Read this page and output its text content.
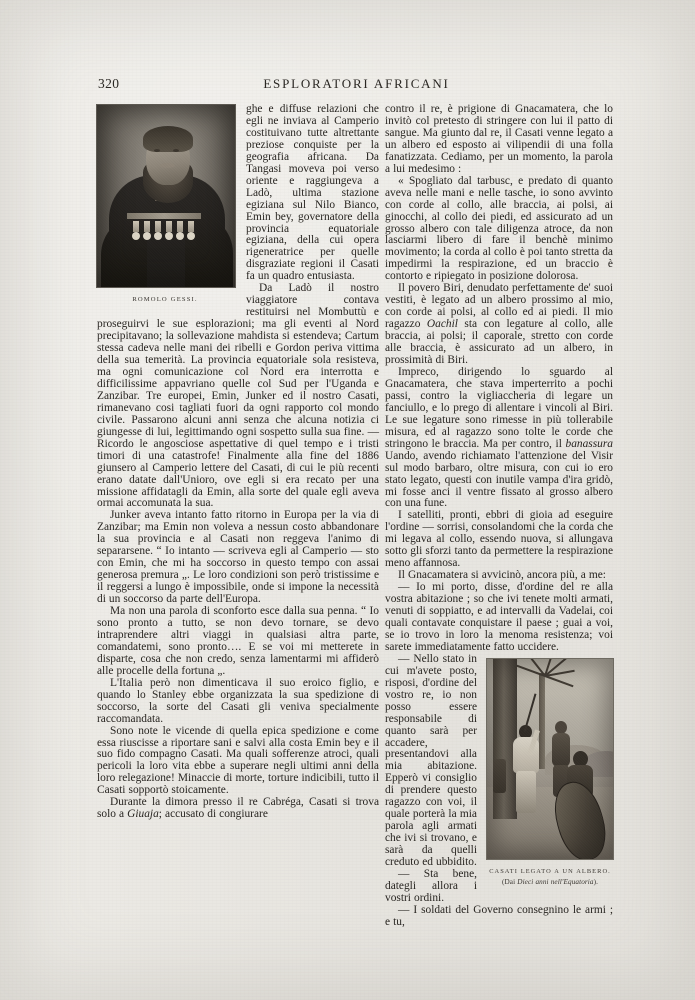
320	ESPLORATORI AFRICANI
ROMOLO GESSI.

ghe e diffuse relazioni che egli ne inviava al Camperio costituivano tutte altrettante preziose conquiste per la geografia africana. Da Tangasi moveva poi verso oriente e raggiungeva a Ladò, ultima stazione egiziana sul Nilo Bianco, Emin bey, governatore della provincia equatoriale egiziana, della cui opera rigeneratrice per quelle disgraziate regioni il Casati fa un quadro entusiasta.

Da Ladò il nostro viaggiatore contava restituirsi nel Mombuttù e proseguirvi le sue esplorazioni; ma gli eventi al Nord precipitavano; la sollevazione mahdista si estendeva; Cartum stessa cadeva nelle mani dei ribelli e Gordon periva vittima della sua temerità. La provincia equatoriale sola resisteva, ma ogni comunicazione col Nord era interrotta e difficilissime appavriano quelle col Sud per l'Uganda e Zanzibar. Tre europei, Emin, Junker ed il nostro Casati, rimanevano cosi tagliati fuori da ogni rapporto col mondo civile. Passarono alcuni anni senza che alcuna notizia ci giungesse di lui, legittimando ogni sospetto sulla sua fine. — Ricordo le angosciose aspettative di quel tempo e i tristi timori di una catastrofe! Finalmente alla fine del 1886 giunsero al Camperio lettere del Casati, di cui le più recenti erano datate dall'Unioro, ove egli si era recato per una missione affidatagli da Emin, alla sorte del quale egli aveva ormai accomunata la sua.

Junker aveva intanto fatto ritorno in Europa per la via di Zanzibar; ma Emin non voleva a nessun costo abbandonare la sua provincia e al Casati non reggeva l'animo di separarsene. “ Io intanto — scriveva egli al Camperio — sto con Emin, che mi ha soccorso in questo tempo con assai generosa premura „. Le loro condizioni son però tristissime e il reggersi a lungo è impossibile, onde si impone la necessità di un soccorso da parte dell'Europa.

Ma non una parola di sconforto esce dalla sua penna. “ Io sono pronto a tutto, se non devo tornare, se devo intraprendere altri viaggi in qualsiasi altra parte, comandatemi, sono pronto…. E se voi mi metterete in disparte, cosa che non credo, senza lamentarmi mi affiderò alle procelle della fortuna „.

L'Italia però non dimenticava il suo eroico figlio, e quando lo Stanley ebbe organizzata la sua spedizione di soccorso, la sorte del Casati gli veniva specialmente raccomandata.

Sono note le vicende di quella epica spedizione e come essa riuscisse a riportare sani e salvi alla costa Emin bey e il suo fido compagno Casati. Ma quali sofferenze atroci, quali pericoli la loro vita ebbe a superare negli ultimi anni della loro relegazione! Minaccie di morte, torture indicibili, tutto il Casati sopportò stoicamente.

Durante la dimora presso il re Cabréga, Casati si trova solo a Giuaja; accusato di congiurare

contro il re, è prigione di Gnacamatera, che lo invitò col pretesto di stringere con lui il patto di sangue. Ma giunto dal re, il Casati venne legato a un albero ed esposto ai vilipendii di una folla fanatizzata. Cediamo, per un momento, la parola a lui medesimo :

« Spogliato dal tarbusc, e predato di quanto aveva nelle mani e nelle tasche, io sono avvinto con corde al collo, alle braccia, ai polsi, ai ginocchi, al collo dei piedi, ed assicurato ad un grosso albero con tale diligenza atroce, da non lasciarmi libero di fare il benchè minimo movimento; la corda al collo è poi tanto stretta da impedirmi la respirazione, ed un braccio è contorto e ripiegato in posizione dolorosa.

Il povero Biri, denudato perfettamente de' suoi vestiti, è legato ad un albero prossimo al mio, con corde ai polsi, al collo ed ai piedi. Il mio ragazzo Oachil sta con legature al collo, alle braccia, ai polsi; il caporale, stretto con corde alle braccia, è assicurato ad un albero, in prossimità di Biri.

Impreco, dirigendo lo sguardo al Gnacamatera, che stava imperterrito a pochi passi, contro la vigliaccheria di legare un fanciullo, e lo prego di allentare i vincoli al Biri. Le sue legature sono rimesse in più tollerabile misura, ed al ragazzo sono tolte le corde che stringono le braccia. Ma per contro, il banassura Uando, avendo richiamato l'attenzione del Visir sul modo barbaro, oltre misura, con cui io ero stato legato, questi con inutile vampa d'ira gridò, mi fosse anci il ventre fissato al grosso albero con una fune.

I satelliti, pronti, ebbri di gioia ad eseguire l'ordine — sorrisi, consolandomi che la corda che mi legava al collo, essendo nuova, si allungava sotto gli sforzi tanto da permettere la respirazione meno affannosa.

Il Gnacamatera si avvicinò, ancora più, a me:

— Io mi porto, disse, d'ordine del re alla vostra abitazione ; so che ivi tenete molti armati, venuti di soppiatto, e ad intervalli da Vadelai, coi quali contavate conquistare il paese ; guai a voi, se io trovo in loro la menoma resistenza; voi sarete immediatamente fatto uccidere.

CASATI LEGATO A UN ALBERO.
(Dai Dieci anni nell'Equatoria).

— Nello stato in cui m'avete posto, risposi, d'ordine del vostro re, io non posso essere responsabile di quanto sarà per accadere, presentandovi alla mia abitazione. Epperò vi consiglio di prendere questo ragazzo con voi, il quale porterà la mia parola agli armati che ivi si trovano, e sarà da quelli creduto ed ubbidito.

— Sta bene, dategli allora i vostri ordini.

— I soldati del Governo consegnino le armi ; e tu,
